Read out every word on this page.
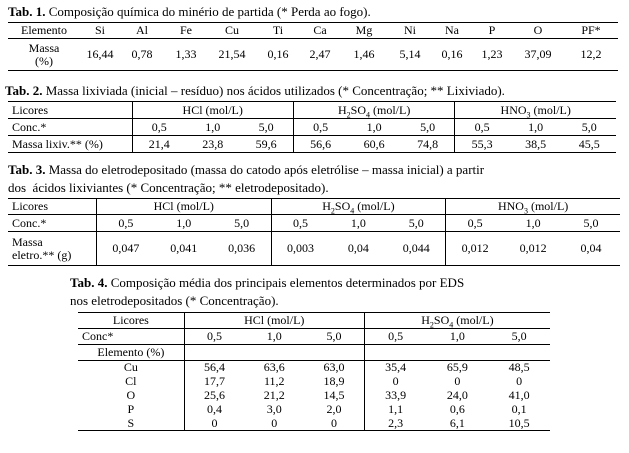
Tab. 1. Composição química do minério de partida (* Perda ao fogo).
Elemento	Si	Al	Fe	Cu	Ti	Ca	Mg	Ni	Na	P	O	PF*
Massa
(%)	16,44	0,78	1,33	21,54	0,16	2,47	1,46	5,14	0,16	1,23	37,09	12,2
Tab. 2. Massa lixiviada (inicial – resíduo) nos ácidos utilizados (* Concentração; ** Lixiviado).
Licores	HCl (mol/L)			$H_2SO_4$ (mol/L)			$HNO_3$ (mol/L)		
Conc.*	0,5	1,0	5,0	0,5	1,0	5,0	0,5	1,0	5,0
Massa lixiv.** (%)	21,4	23,8	59,6	56,6	60,6	74,8	55,3	38,5	45,5
Tab. 3. Massa do eletrodepositado (massa do catodo após eletrólise – massa inicial) a partir
dos  ácidos lixiviantes (* Concentração; ** eletrodepositado).
Licores	HCl (mol/L)			$H_2SO_4$ (mol/L)			$HNO_3$ (mol/L)		
Conc.*	0,5	1,0	5,0	0,5	1,0	5,0	0,5	1,0	5,0
Massa
eletro.** (g)	0,047	0,041	0,036	0,003	0,04	0,044	0,012	0,012	0,04
Tab. 4. Composição média dos principais elementos determinados por EDS
nos eletrodepositados (* Concentração).
Licores	HCl (mol/L)			$H_2SO_4$ (mol/L)		
Conc*	0,5	1,0	5,0	0,5	1,0	5,0
Elemento (%)						
Cu	56,4	63,6	63,0	35,4	65,9	48,5
Cl	17,7	11,2	18,9	0	0	0
O	25,6	21,2	14,5	33,9	24,0	41,0
P	0,4	3,0	2,0	1,1	0,6	0,1
S	0	0	0	2,3	6,1	10,5
